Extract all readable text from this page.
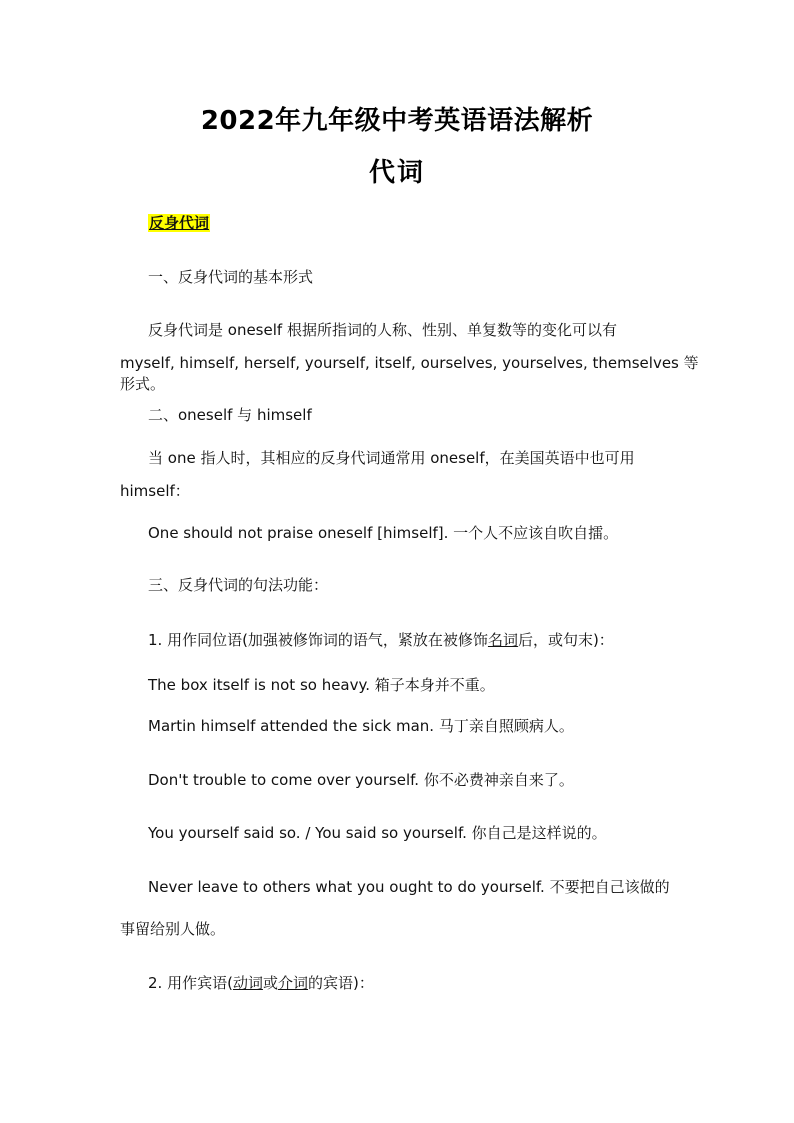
2022年九年级中考英语语法解析
代词
反身代词
一、反身代词的基本形式
反身代词是 oneself 根据所指词的人称、性别、单复数等的变化可以有
myself, himself, herself, yourself, itself, ourselves, yourselves, themselves 等
形式。
二、oneself 与 himself
当 one 指人时，其相应的反身代词通常用 oneself，在美国英语中也可用
himself：
One should not praise oneself [himself]. 一个人不应该自吹自擂。
三、反身代词的句法功能：
1. 用作同位语(加强被修饰词的语气，紧放在被修饰名词后，或句末)：
The box itself is not so heavy. 箱子本身并不重。
Martin himself attended the sick man. 马丁亲自照顾病人。
Don't trouble to come over yourself. 你不必费神亲自来了。
You yourself said so. / You said so yourself. 你自己是这样说的。
Never leave to others what you ought to do yourself. 不要把自己该做的
事留给别人做。
2. 用作宾语(动词或介词的宾语)：
